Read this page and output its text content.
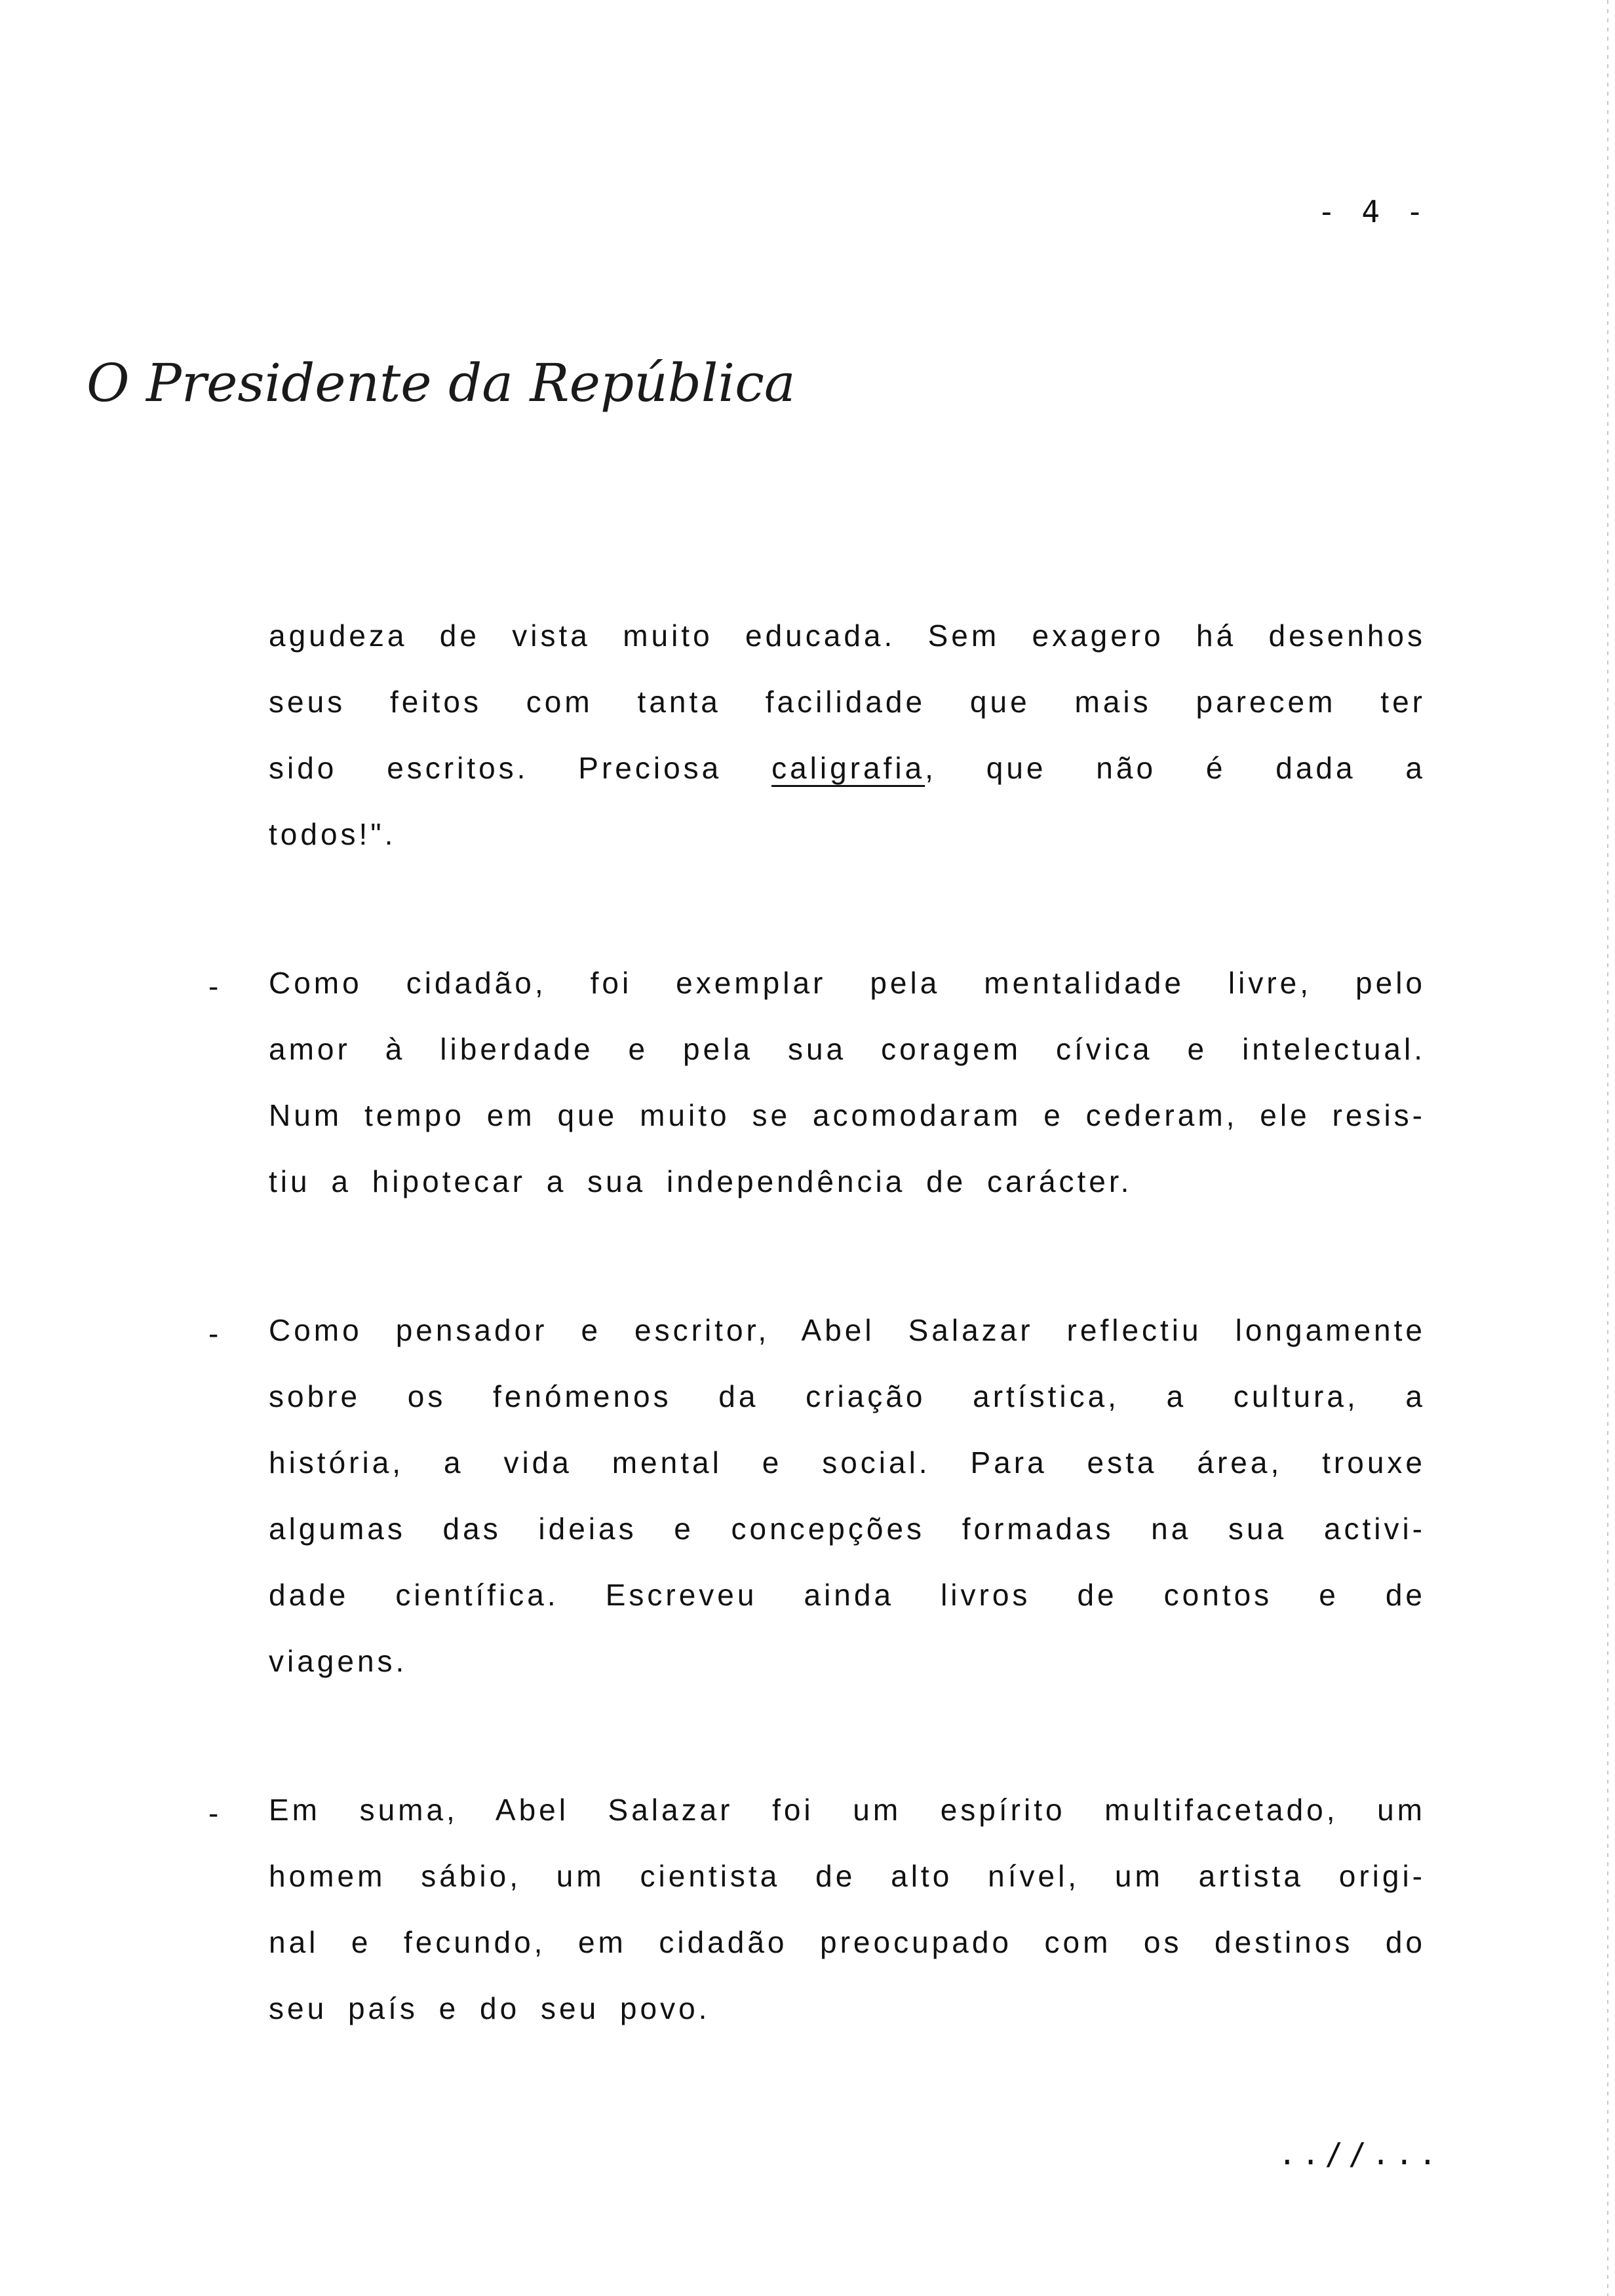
- 4 -
O Presidente da República
agudeza de vista muito educada. Sem exagero há desenhos
seus feitos com tanta facilidade que mais parecem ter
sido escritos. Preciosa caligrafia, que não é dada a
todos!".
- Como cidadão, foi exemplar pela mentalidade livre, pelo
amor à liberdade e pela sua coragem cívica e intelectual.
Num tempo em que muito se acomodaram e cederam, ele resis-
tiu a hipotecar a sua independência de carácter.
- Como pensador e escritor, Abel Salazar reflectiu longamente
sobre os fenómenos da criação artística, a cultura, a
história, a vida mental e social. Para esta área, trouxe
algumas das ideias e concepções formadas na sua activi-
dade científica. Escreveu ainda livros de contos e de
viagens.
- Em suma, Abel Salazar foi um espírito multifacetado, um
homem sábio, um cientista de alto nível, um artista origi-
nal e fecundo, em cidadão preocupado com os destinos do
seu país e do seu povo.
..//...
